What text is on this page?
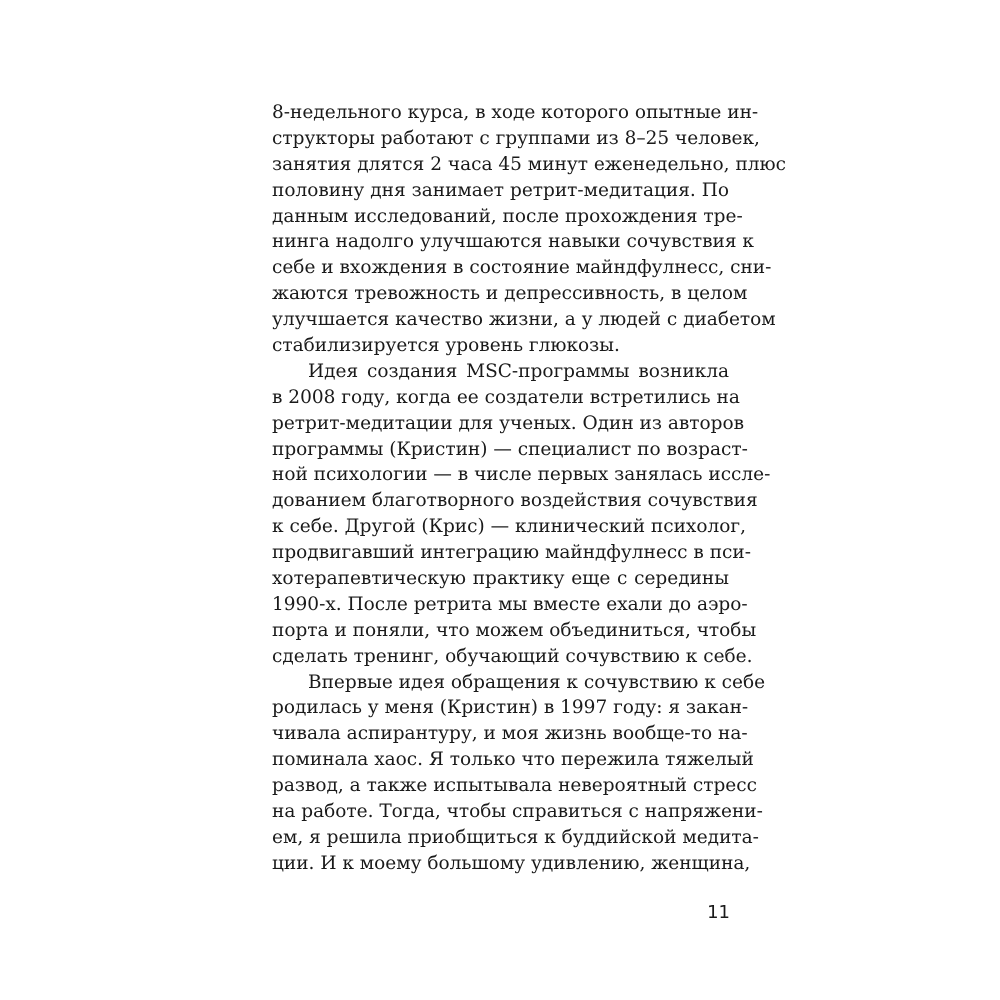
8-недельного курса, в ходе которого опытные ин-
структоры работают с группами из 8–25 человек,
занятия длятся 2 часа 45 минут еженедельно, плюс
половину дня занимает ретрит-медитация. По
данным исследований, после прохождения тре-
нинга надолго улучшаются навыки сочувствия к
себе и вхождения в состояние майндфулнесс, сни-
жаются тревожность и депрессивность, в целом
улучшается качество жизни, а у людей с диабетом
стабилизируется уровень глюкозы.
Идея создания MSC-программы возникла
в 2008 году, когда ее создатели встретились на
ретрит-медитации для ученых. Один из авторов
программы (Кристин) — специалист по возраст-
ной психологии — в числе первых занялась иссле-
дованием благотворного воздействия сочувствия
к себе. Другой (Крис) — клинический психолог,
продвигавший интеграцию майндфулнесс в пси-
хотерапевтическую практику еще с середины
1990-х. После ретрита мы вместе ехали до аэро-
порта и поняли, что можем объединиться, чтобы
сделать тренинг, обучающий сочувствию к себе.
Впервые идея обращения к сочувствию к себе
родилась у меня (Кристин) в 1997 году: я закан-
чивала аспирантуру, и моя жизнь вообще-то на-
поминала хаос. Я только что пережила тяжелый
развод, а также испытывала невероятный стресс
на работе. Тогда, чтобы справиться с напряжени-
ем, я решила приобщиться к буддийской медита-
ции. И к моему большому удивлению, женщина,
11
